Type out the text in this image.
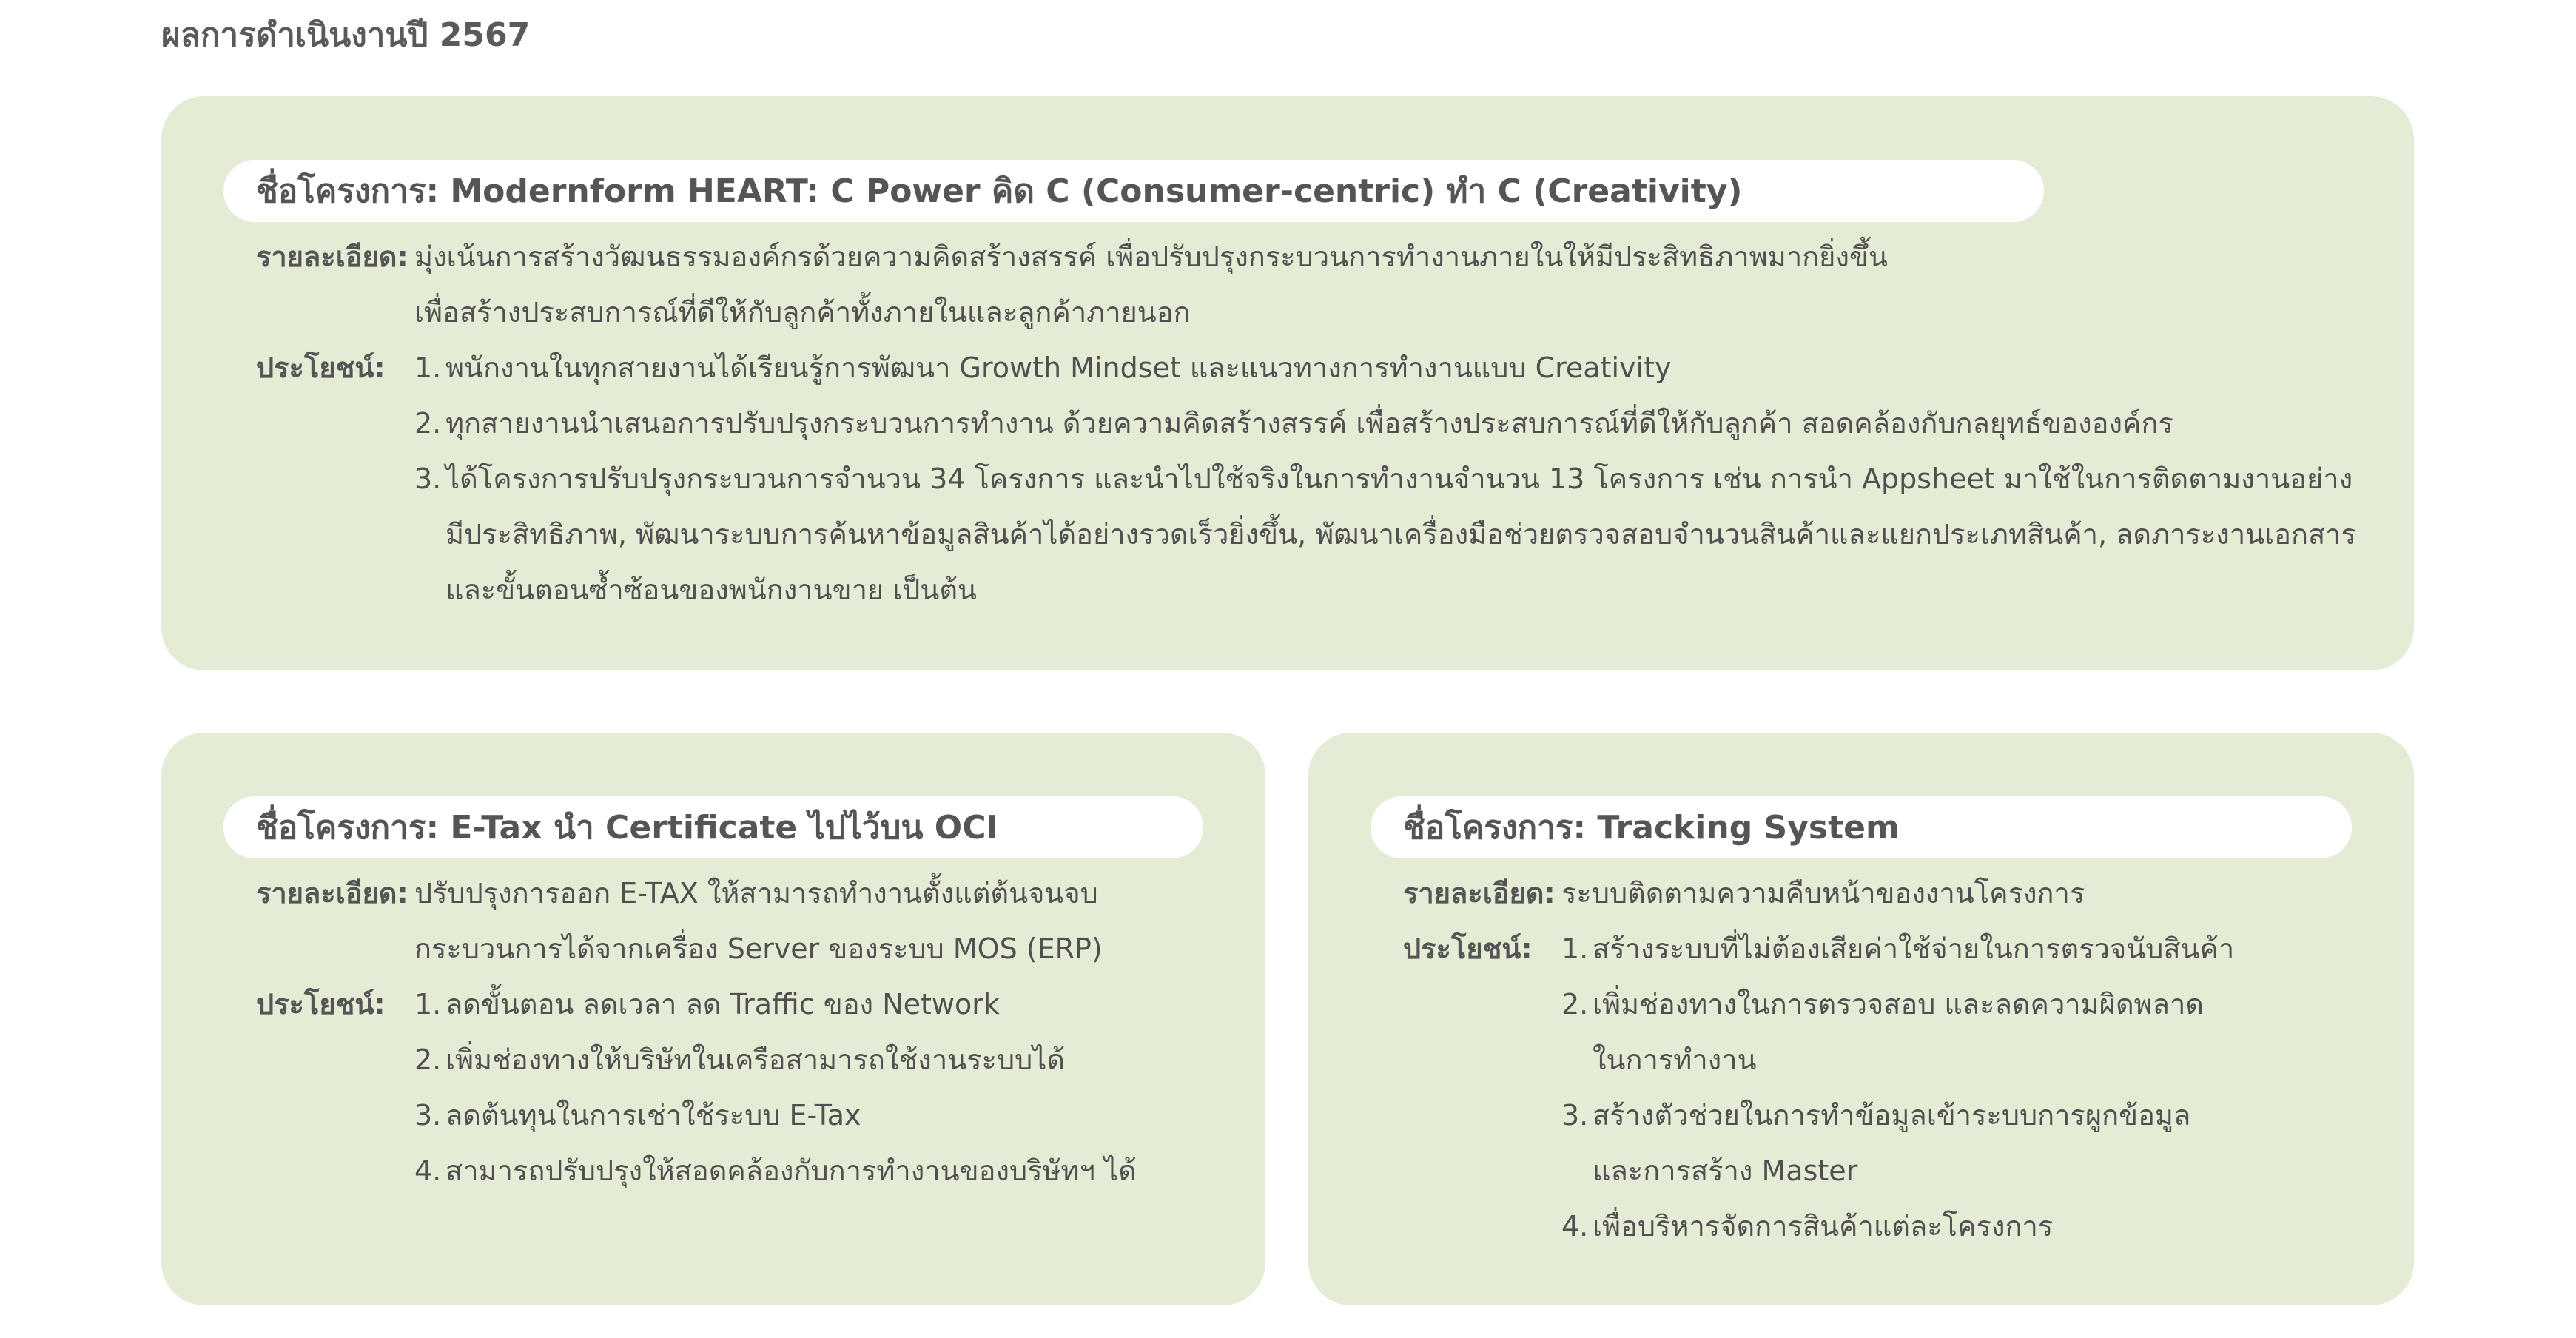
ผลการดำเนินงานปี 2567
ชื่อโครงการ: Modernform HEART: C Power คิด C (Consumer-centric) ทำ C (Creativity)
รายละเอียด: มุ่งเน้นการสร้างวัฒนธรรมองค์กรด้วยความคิดสร้างสรรค์ เพื่อปรับปรุงกระบวนการทำงานภายในให้มีประสิทธิภาพมากยิ่งขึ้น
เพื่อสร้างประสบการณ์ที่ดีให้กับลูกค้าทั้งภายในและลูกค้าภายนอก
ประโยชน์:	1. พนักงานในทุกสายงานได้เรียนรู้การพัฒนา Growth Mindset และแนวทางการทำงานแบบ Creativity
2. ทุกสายงานนำเสนอการปรับปรุงกระบวนการทำงาน ด้วยความคิดสร้างสรรค์ เพื่อสร้างประสบการณ์ที่ดีให้กับลูกค้า สอดคล้องกับกลยุทธ์ขององค์กร
3. ได้โครงการปรับปรุงกระบวนการจำนวน 34 โครงการ และนำไปใช้จริงในการทำงานจำนวน 13 โครงการ เช่น การนำ Appsheet มาใช้ในการติดตามงานอย่าง
มีประสิทธิภาพ, พัฒนาระบบการค้นหาข้อมูลสินค้าได้อย่างรวดเร็วยิ่งขึ้น, พัฒนาเครื่องมือช่วยตรวจสอบจำนวนสินค้าและแยกประเภทสินค้า, ลดภาระงานเอกสาร
และขั้นตอนซ้ำซ้อนของพนักงานขาย เป็นต้น
ชื่อโครงการ: E-Tax นำ Certificate ไปไว้บน OCI
รายละเอียด: ปรับปรุงการออก E-TAX ให้สามารถทำงานตั้งแต่ต้นจนจบ
กระบวนการได้จากเครื่อง Server ของระบบ MOS (ERP)
ประโยชน์:	1. ลดขั้นตอน ลดเวลา ลด Traffic ของ Network
2. เพิ่มช่องทางให้บริษัทในเครือสามารถใช้งานระบบได้
3. ลดต้นทุนในการเช่าใช้ระบบ E-Tax
4. สามารถปรับปรุงให้สอดคล้องกับการทำงานของบริษัทฯ ได้
ชื่อโครงการ: Tracking System
รายละเอียด: ระบบติดตามความคืบหน้าของงานโครงการ
ประโยชน์:	1. สร้างระบบที่ไม่ต้องเสียค่าใช้จ่ายในการตรวจนับสินค้า
2. เพิ่มช่องทางในการตรวจสอบ และลดความผิดพลาด
ในการทำงาน
3. สร้างตัวช่วยในการทำข้อมูลเข้าระบบการผูกข้อมูล
และการสร้าง Master
4. เพื่อบริหารจัดการสินค้าแต่ละโครงการ
